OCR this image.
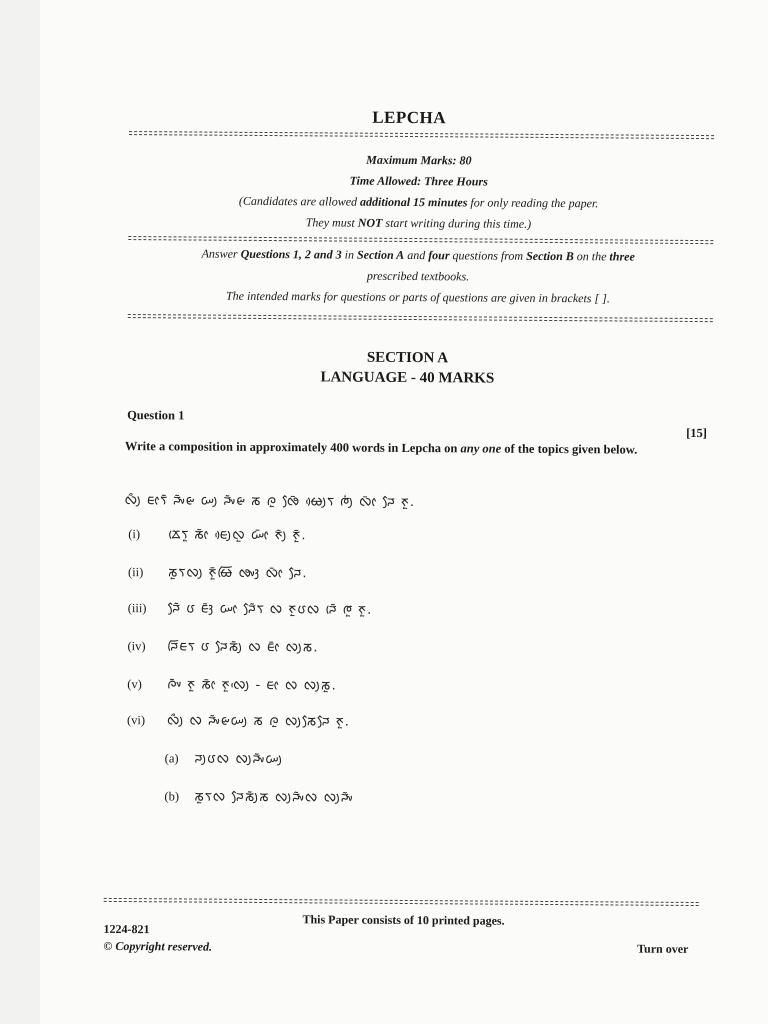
LEPCHA
Maximum Marks: 80
Time Allowed: Three Hours
(Candidates are allowed additional 15 minutes for only reading the paper.
They must NOT start writing during this time.)
Answer Questions 1, 2 and 3 in Section A and four questions from Section B on the three
prescribed textbooks.
The intended marks for questions or parts of questions are given in brackets [ ].
SECTION A
LANGUAGE - 40 MARKS
Question 1
[15]
Write a composition in approximately 400 words in Lepcha on any one of the topics given below.
ᰜᰪᰰ ᰀᰦᰛᰶ ᰎᰤᰶᰡ ᰠᰪ ᰎᰤᰶᰡ ᰕ ᰍᰬ ᰒᰧᰳ ᰄᰪᰴᰛ ᰈᰪᰭ ᰜᰦᰳ ᰎᰧ ᰉᰬ.
(i) ᰇᰨᰛᰬ ᰕᰦᰳ ᰀᰪᰴᰜᰬ ᰠᰦᰳ ᰉᰪᰳ ᰉᰬᰳ.
(ii) ᰕᰬᰛᰜᰪ ᰉᰬᰳᰄᰩ ᰒᰤᰫ ᰜᰦᰳ ᰎᰧ.
(iii) ᰎᰧᰶ ᰂ ᰀᰫᰳ ᰠᰦ ᰎᰧᰶᰛ ᰜ ᰉᰬᰂᰜ ᰎᰨᰶ ᰈᰬ ᰉᰬ.
(iv) ᰎᰩᰀᰛ ᰂ ᰎᰧᰕᰪᰶ ᰜ ᰀᰦᰳ ᰜᰪᰕ.
(v) ᰍᰤᰶ ᰉᰬ ᰕᰦᰳ ᰉᰬᰜᰪᰵ - ᰀᰦ ᰜ ᰜᰪᰕᰬ.
(vi) ᰜᰪᰰ ᰜ ᰎᰤᰶᰡᰠᰪ ᰕ ᰍᰬ ᰜᰪᰕᰧᰎᰧ ᰉᰬ.
(a) ᰎᰪᰂᰜ ᰜᰪᰎᰤᰶᰠᰪ
(b) ᰕᰬᰛᰜ ᰎᰧᰕᰪᰶᰕ ᰜᰪᰎᰤᰶᰜ ᰜᰪᰎᰤᰶ
This Paper consists of 10 printed pages.
1224-821
© Copyright reserved.	Turn over
